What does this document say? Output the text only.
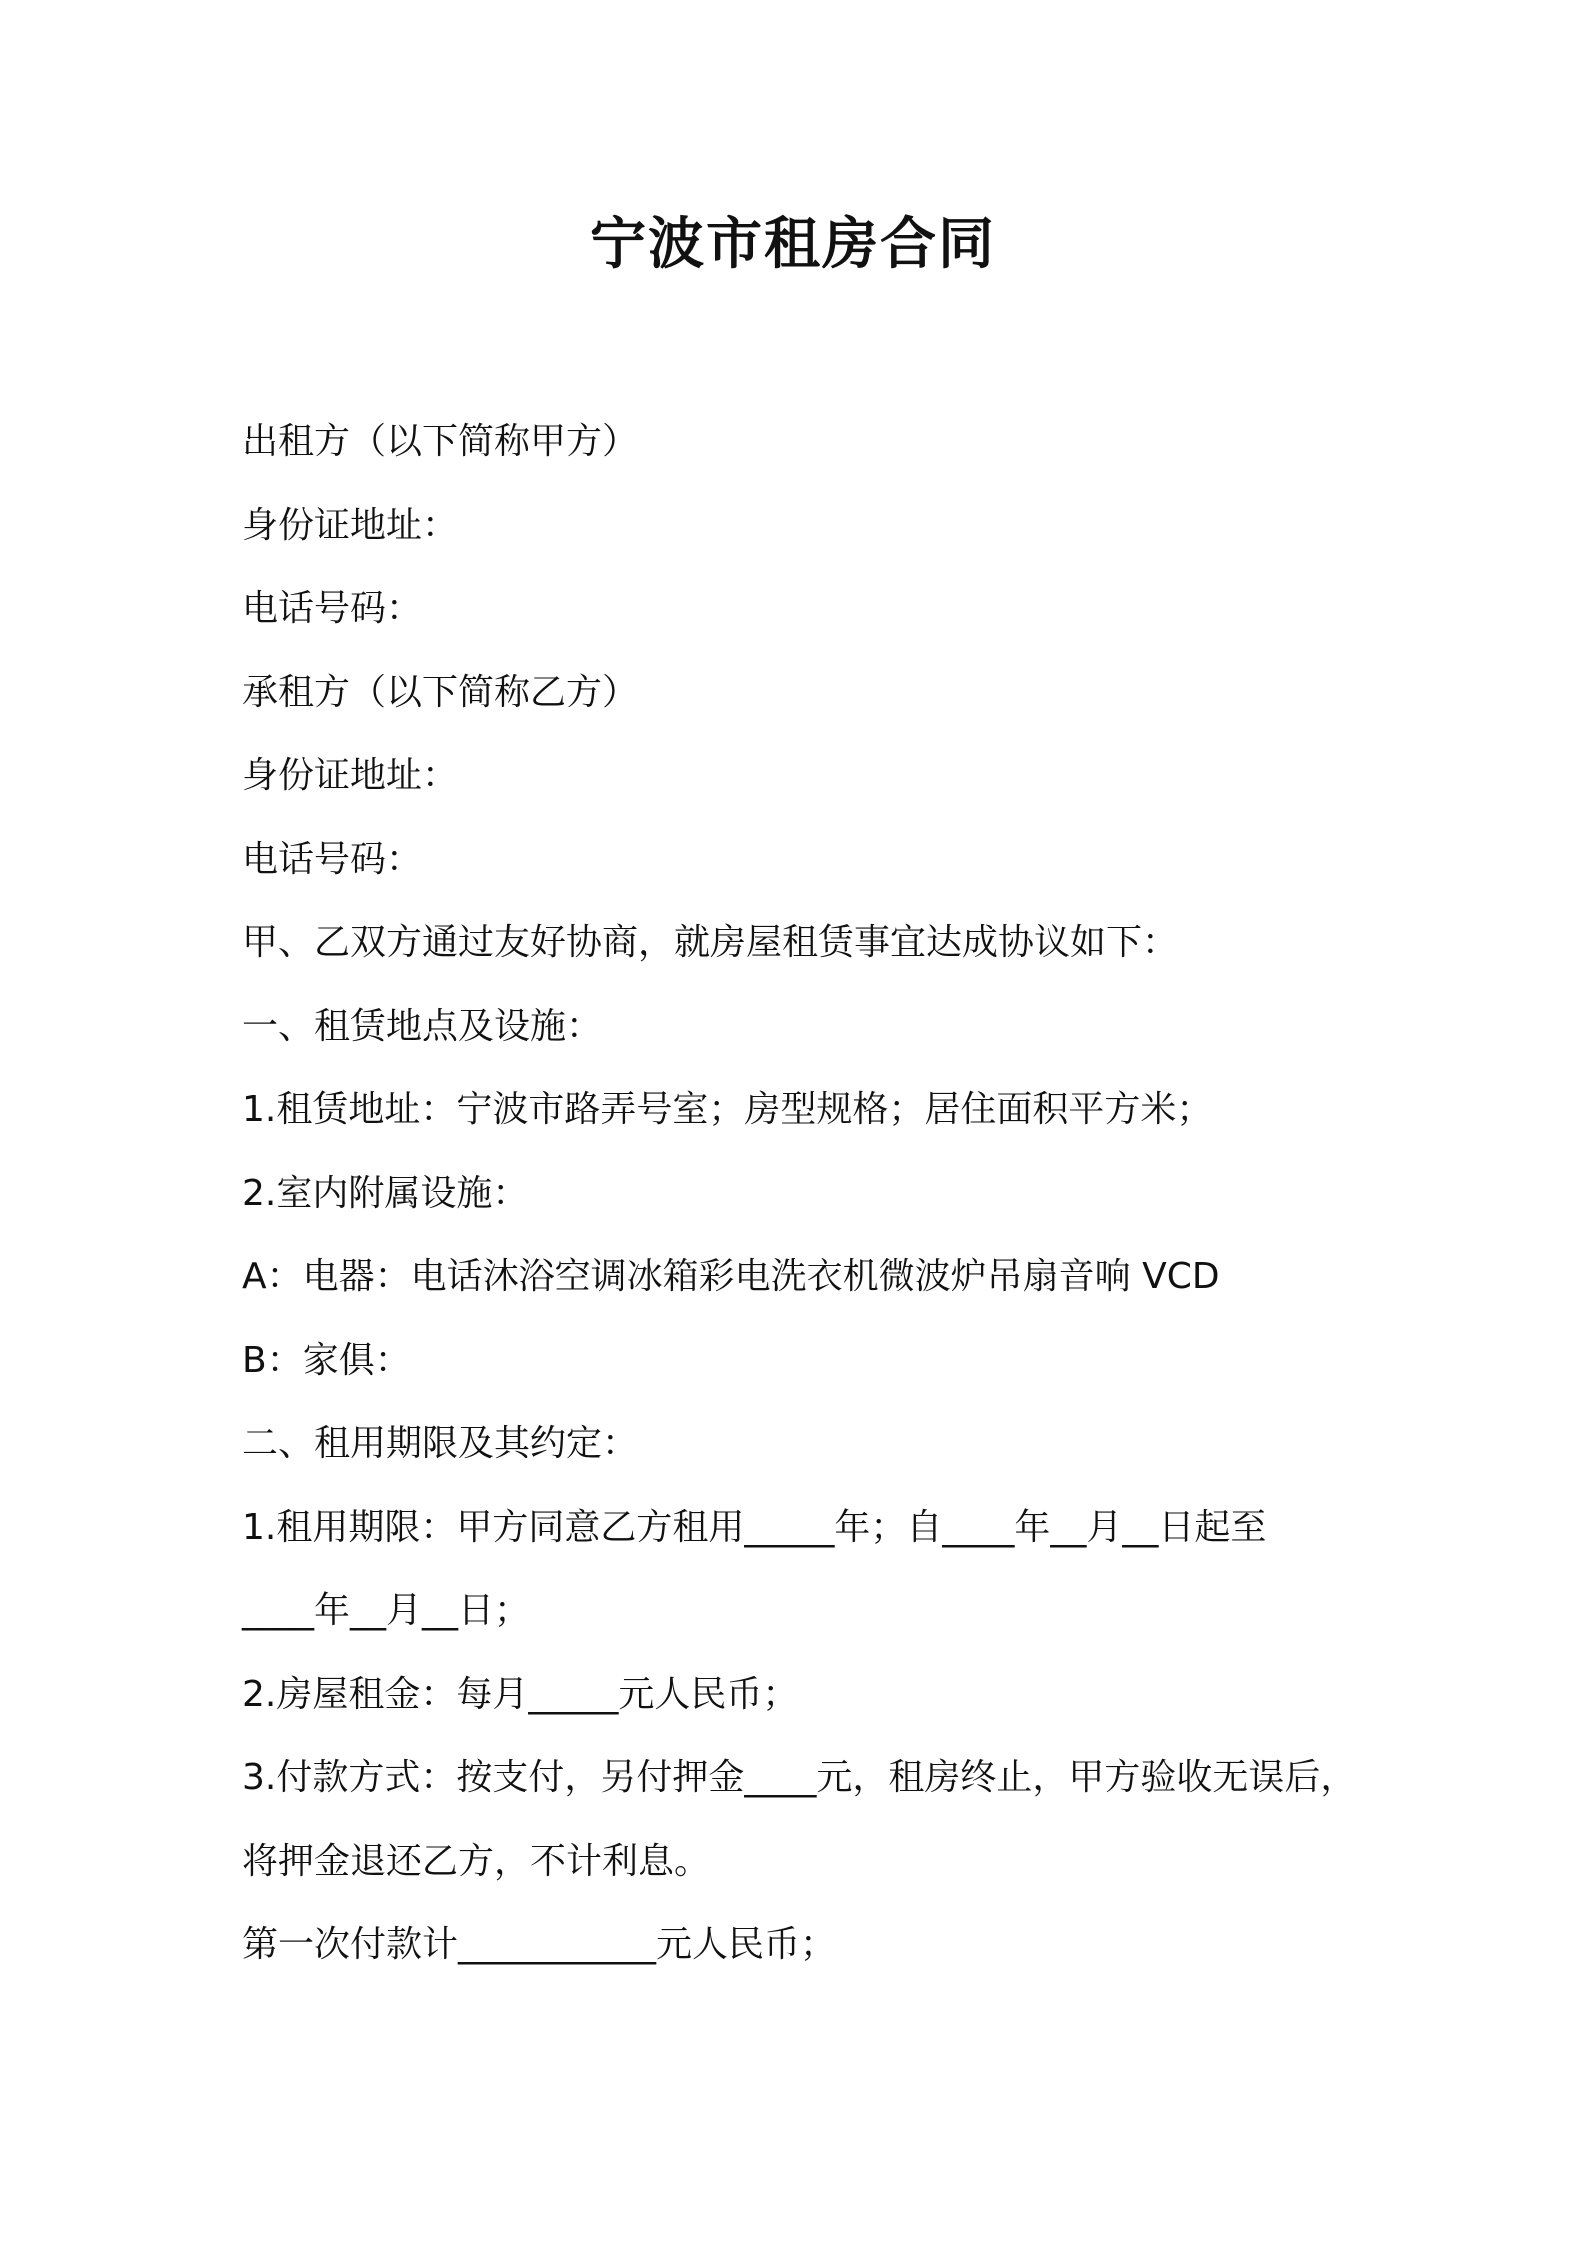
宁波市租房合同

出租方（以下简称甲方）

身份证地址：

电话号码：

承租方（以下简称乙方）

身份证地址：

电话号码：

甲、乙双方通过友好协商，就房屋租赁事宜达成协议如下：

一、租赁地点及设施：

1.租赁地址：宁波市路弄号室；房型规格；居住面积平方米；

2.室内附属设施：

A：电器：电话沐浴空调冰箱彩电洗衣机微波炉吊扇音响 VCD

B：家俱：

二、租用期限及其约定：

1.租用期限：甲方同意乙方租用_____年；自____年__月__日起至

____年__月__日；

2.房屋租金：每月_____元人民币；

3.付款方式：按支付，另付押金____元，租房终止，甲方验收无误后，

将押金退还乙方，不计利息。

第一次付款计___________元人民币；
